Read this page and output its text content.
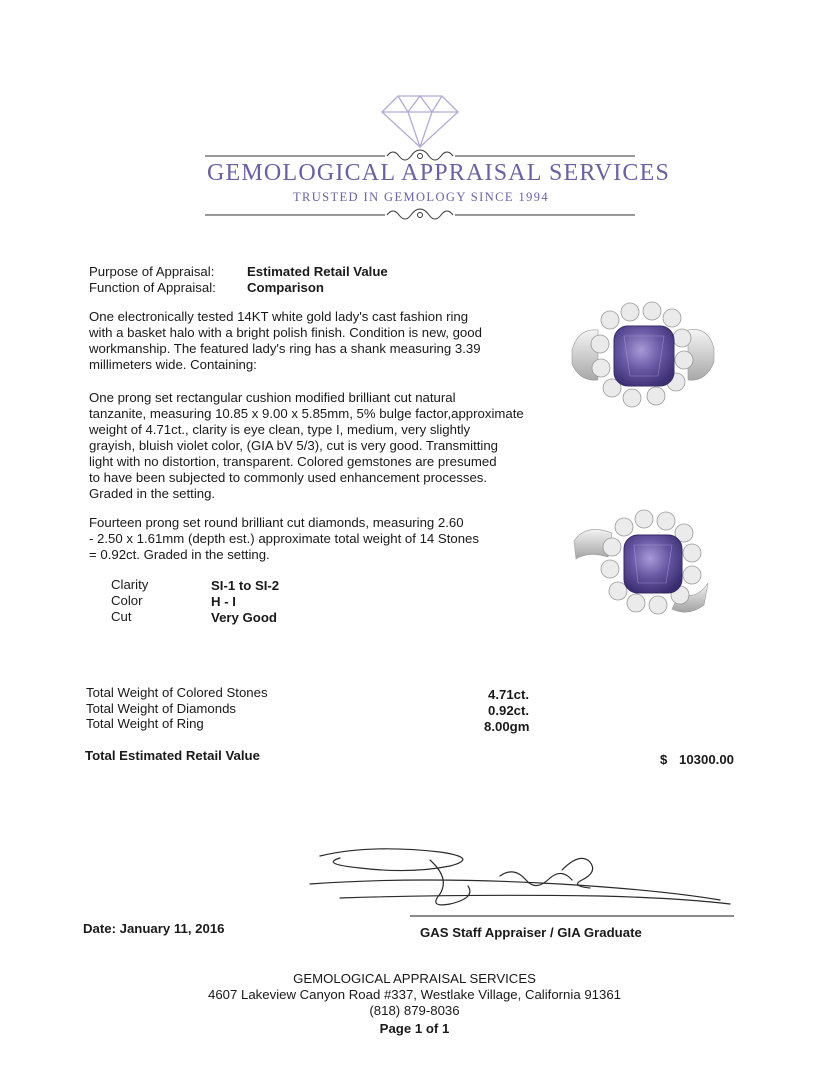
GEMOLOGICAL APPRAISAL SERVICES
TRUSTED IN GEMOLOGY SINCE 1994
Purpose of Appraisal: Estimated Retail Value
Function of Appraisal: Comparison
One electronically tested 14KT white gold lady's cast fashion ring
with a basket halo with a bright polish finish. Condition is new, good
workmanship. The featured lady's ring has a shank measuring 3.39
millimeters wide. Containing:
One prong set rectangular cushion modified brilliant cut natural
tanzanite, measuring 10.85 x 9.00 x 5.85mm, 5% bulge factor,approximate
weight of 4.71ct., clarity is eye clean, type I, medium, very slightly
grayish, bluish violet color, (GIA bV 5/3), cut is very good. Transmitting
light with no distortion, transparent. Colored gemstones are presumed
to have been subjected to commonly used enhancement processes.
Graded in the setting.
Fourteen prong set round brilliant cut diamonds, measuring 2.60
- 2.50 x 1.61mm (depth est.) approximate total weight of 14 Stones
= 0.92ct. Graded in the setting.
Clarity	SI-1 to SI-2
Color	H - I
Cut	Very Good
Total Weight of Colored Stones	4.71ct.
Total Weight of Diamonds	0.92ct.
Total Weight of Ring	8.00gm
Total Estimated Retail Value	$ 10300.00
Date: January 11, 2016	GAS Staff Appraiser / GIA Graduate
GEMOLOGICAL APPRAISAL SERVICES
4607 Lakeview Canyon Road #337, Westlake Village, California 91361
(818) 879-8036
Page 1 of 1
